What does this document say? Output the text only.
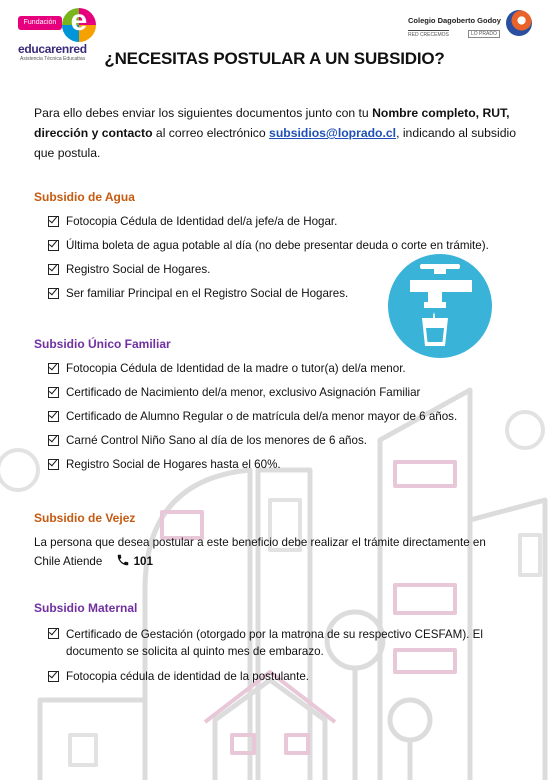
Fundación
e
educarenred
Asistencia Técnica Educativa
Colegio Dagoberto Godoy
RED CRECEMOS	LO PRADO
¿NECESITAS POSTULAR A UN SUBSIDIO?
Para ello debes enviar los siguientes documentos junto con tu Nombre completo, RUT, dirección y contacto al correo electrónico subsidios@loprado.cl, indicando al subsidio que postula.
Subsidio de Agua
Fotocopia Cédula de Identidad del/a jefe/a de Hogar.
Última boleta de agua potable al día (no debe presentar deuda o corte en trámite).
Registro Social de Hogares.
Ser familiar Principal en el Registro Social de Hogares.
Subsidio Único Familiar
Fotocopia Cédula de Identidad de la madre o tutor(a) del/a menor.
Certificado de Nacimiento del/a menor, exclusivo Asignación Familiar
Certificado de Alumno Regular o de matrícula del/a menor mayor de 6 años.
Carné Control Niño Sano al día de los menores de 6 años.
Registro Social de Hogares hasta el 60%.
Subsidio de Vejez
La persona que desea postular a este beneficio debe realizar el trámite directamente en Chile Atiende	101
Subsidio Maternal
Certificado de Gestación (otorgado por la matrona de su respectivo CESFAM). El documento se solicita al quinto mes de embarazo.
Fotocopia cédula de identidad de la postulante.
